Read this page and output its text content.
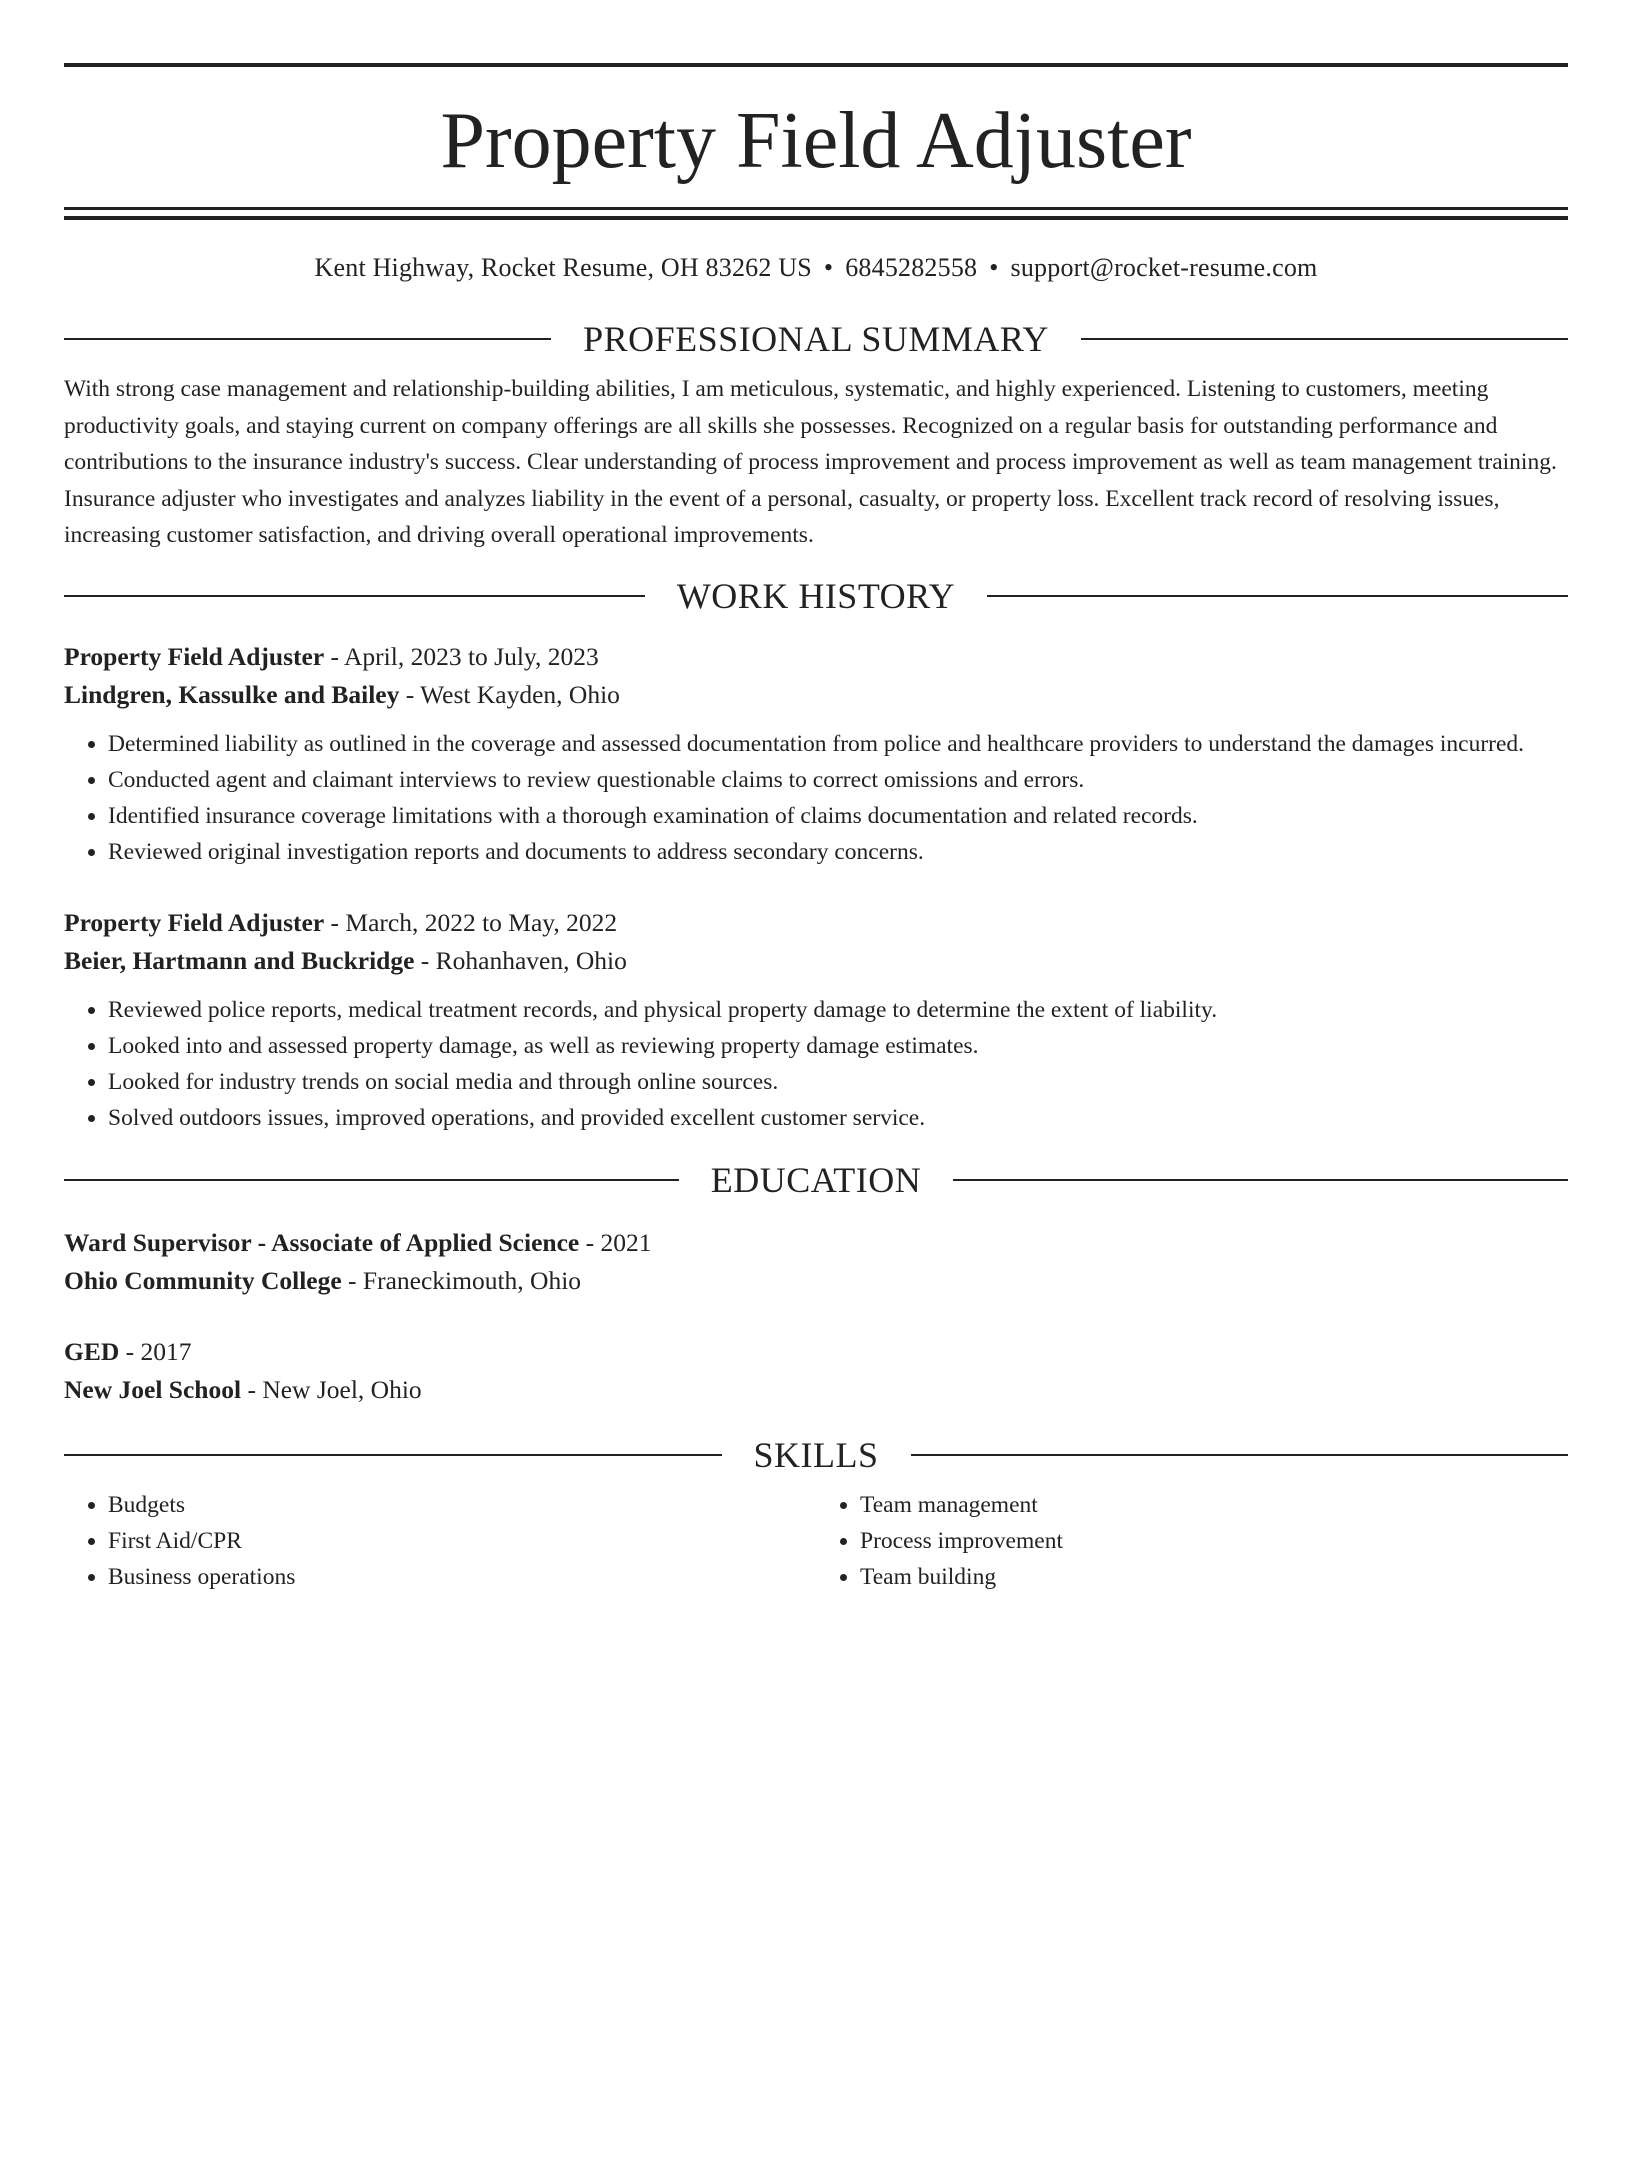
Property Field Adjuster
Kent Highway, Rocket Resume, OH 83262 US • 6845282558 • support@rocket-resume.com
PROFESSIONAL SUMMARY
With strong case management and relationship-building abilities, I am meticulous, systematic, and highly experienced. Listening to customers, meeting productivity goals, and staying current on company offerings are all skills she possesses. Recognized on a regular basis for outstanding performance and contributions to the insurance industry's success. Clear understanding of process improvement and process improvement as well as team management training. Insurance adjuster who investigates and analyzes liability in the event of a personal, casualty, or property loss. Excellent track record of resolving issues, increasing customer satisfaction, and driving overall operational improvements.
WORK HISTORY
Property Field Adjuster - April, 2023 to July, 2023
Lindgren, Kassulke and Bailey - West Kayden, Ohio
• Determined liability as outlined in the coverage and assessed documentation from police and healthcare providers to understand the damages incurred.
• Conducted agent and claimant interviews to review questionable claims to correct omissions and errors.
• Identified insurance coverage limitations with a thorough examination of claims documentation and related records.
• Reviewed original investigation reports and documents to address secondary concerns.
Property Field Adjuster - March, 2022 to May, 2022
Beier, Hartmann and Buckridge - Rohanhaven, Ohio
• Reviewed police reports, medical treatment records, and physical property damage to determine the extent of liability.
• Looked into and assessed property damage, as well as reviewing property damage estimates.
• Looked for industry trends on social media and through online sources.
• Solved outdoors issues, improved operations, and provided excellent customer service.
EDUCATION
Ward Supervisor - Associate of Applied Science - 2021
Ohio Community College - Franeckimouth, Ohio
GED - 2017
New Joel School - New Joel, Ohio
SKILLS
• Budgets
• First Aid/CPR
• Business operations
• Team management
• Process improvement
• Team building
